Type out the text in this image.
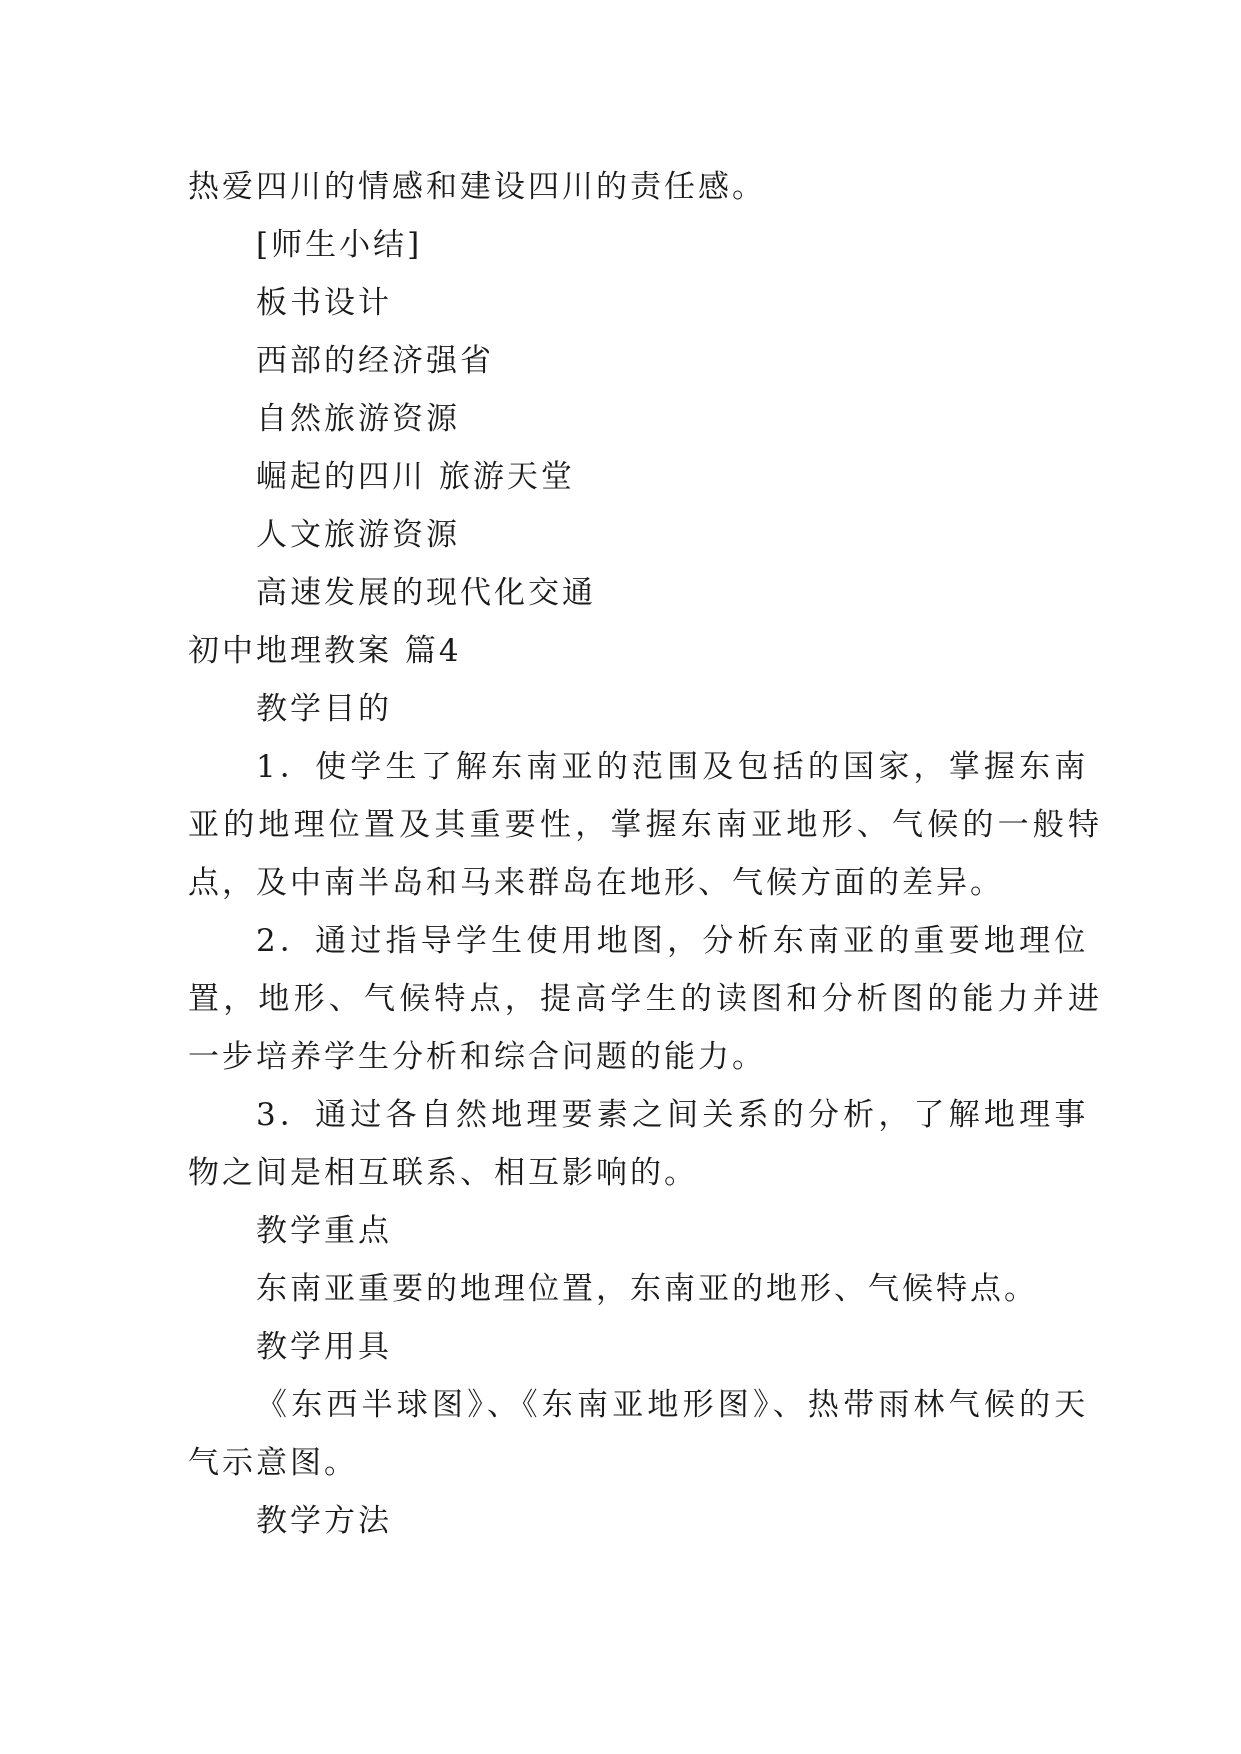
热爱四川的情感和建设四川的责任感。
[师生小结]
板书设计
西部的经济强省
自然旅游资源
崛起的四川 旅游天堂
人文旅游资源
高速发展的现代化交通
初中地理教案 篇4
教学目的
1．使学生了解东南亚的范围及包括的国家，掌握东南
亚的地理位置及其重要性，掌握东南亚地形、气候的一般特
点，及中南半岛和马来群岛在地形、气候方面的差异。
2．通过指导学生使用地图，分析东南亚的重要地理位
置，地形、气候特点，提高学生的读图和分析图的能力并进
一步培养学生分析和综合问题的能力。
3．通过各自然地理要素之间关系的分析，了解地理事
物之间是相互联系、相互影响的。
教学重点
东南亚重要的地理位置，东南亚的地形、气候特点。
教学用具
《东西半球图》、《东南亚地形图》、热带雨林气候的天
气示意图。
教学方法
